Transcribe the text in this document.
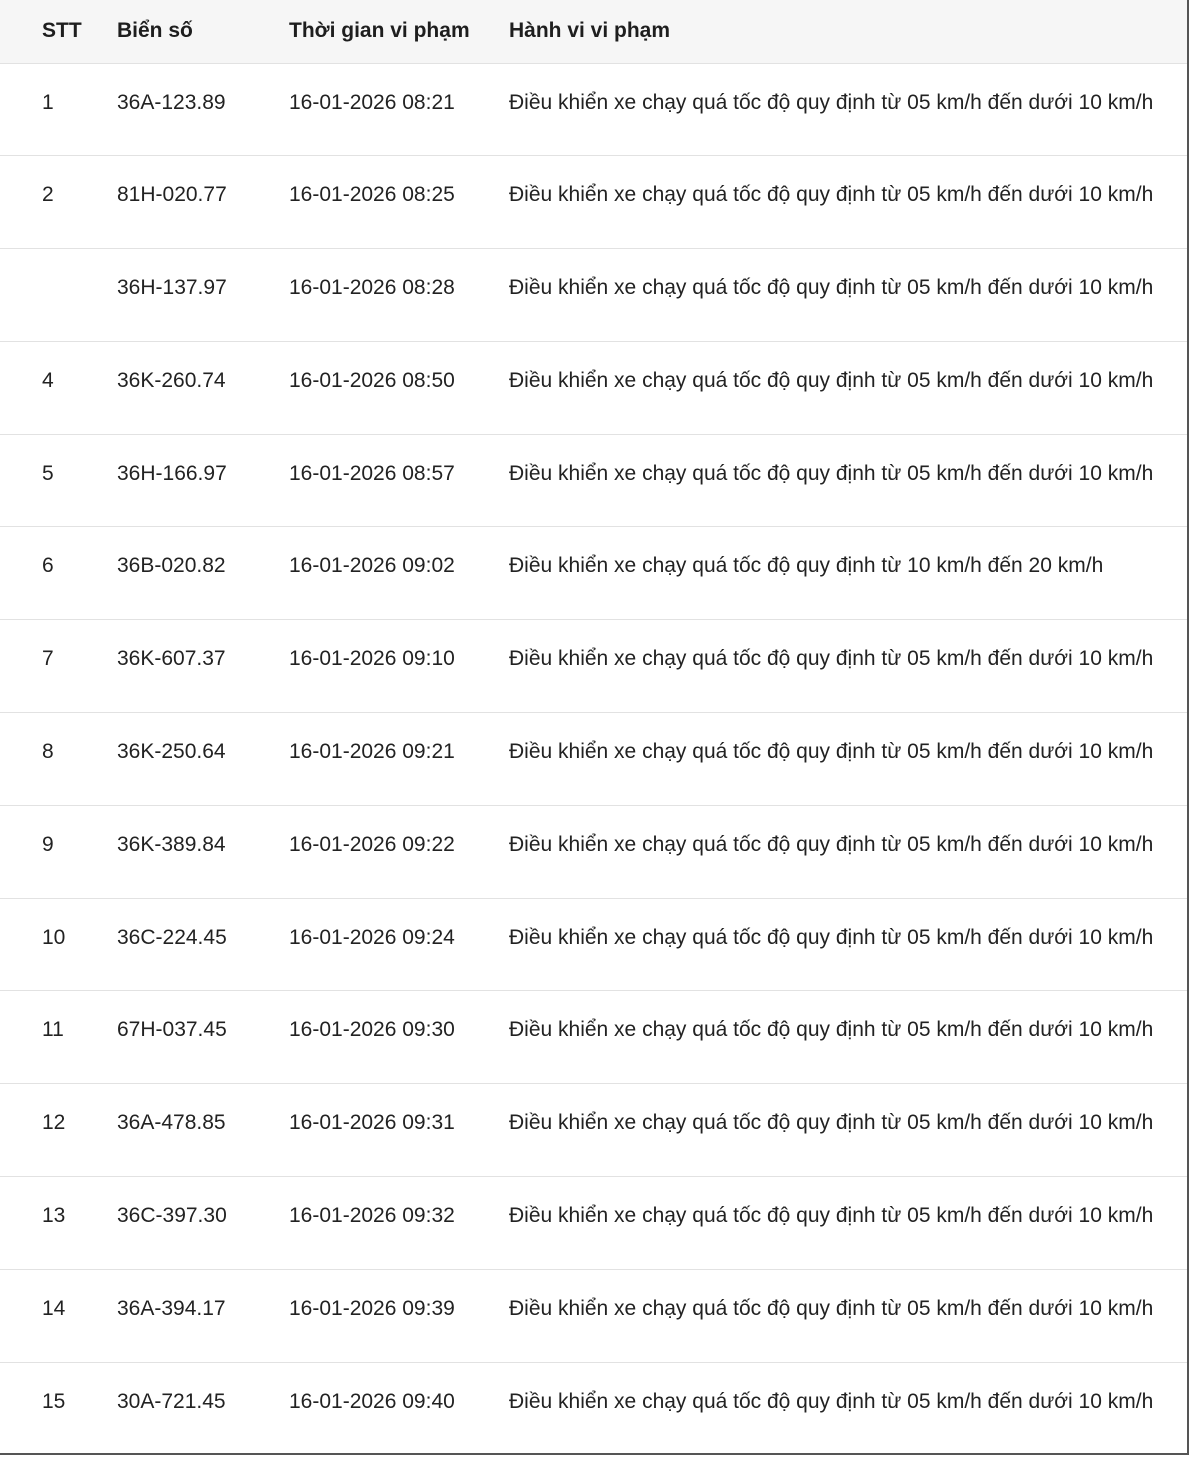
STT	Biển số	Thời gian vi phạm	Hành vi vi phạm
1	36A-123.89	16-01-2026 08:21	Điều khiển xe chạy quá tốc độ quy định từ 05 km/h đến dưới 10 km/h
2	81H-020.77	16-01-2026 08:25	Điều khiển xe chạy quá tốc độ quy định từ 05 km/h đến dưới 10 km/h
	36H-137.97	16-01-2026 08:28	Điều khiển xe chạy quá tốc độ quy định từ 05 km/h đến dưới 10 km/h
4	36K-260.74	16-01-2026 08:50	Điều khiển xe chạy quá tốc độ quy định từ 05 km/h đến dưới 10 km/h
5	36H-166.97	16-01-2026 08:57	Điều khiển xe chạy quá tốc độ quy định từ 05 km/h đến dưới 10 km/h
6	36B-020.82	16-01-2026 09:02	Điều khiển xe chạy quá tốc độ quy định từ 10 km/h đến 20 km/h
7	36K-607.37	16-01-2026 09:10	Điều khiển xe chạy quá tốc độ quy định từ 05 km/h đến dưới 10 km/h
8	36K-250.64	16-01-2026 09:21	Điều khiển xe chạy quá tốc độ quy định từ 05 km/h đến dưới 10 km/h
9	36K-389.84	16-01-2026 09:22	Điều khiển xe chạy quá tốc độ quy định từ 05 km/h đến dưới 10 km/h
10	36C-224.45	16-01-2026 09:24	Điều khiển xe chạy quá tốc độ quy định từ 05 km/h đến dưới 10 km/h
11	67H-037.45	16-01-2026 09:30	Điều khiển xe chạy quá tốc độ quy định từ 05 km/h đến dưới 10 km/h
12	36A-478.85	16-01-2026 09:31	Điều khiển xe chạy quá tốc độ quy định từ 05 km/h đến dưới 10 km/h
13	36C-397.30	16-01-2026 09:32	Điều khiển xe chạy quá tốc độ quy định từ 05 km/h đến dưới 10 km/h
14	36A-394.17	16-01-2026 09:39	Điều khiển xe chạy quá tốc độ quy định từ 05 km/h đến dưới 10 km/h
15	30A-721.45	16-01-2026 09:40	Điều khiển xe chạy quá tốc độ quy định từ 05 km/h đến dưới 10 km/h
